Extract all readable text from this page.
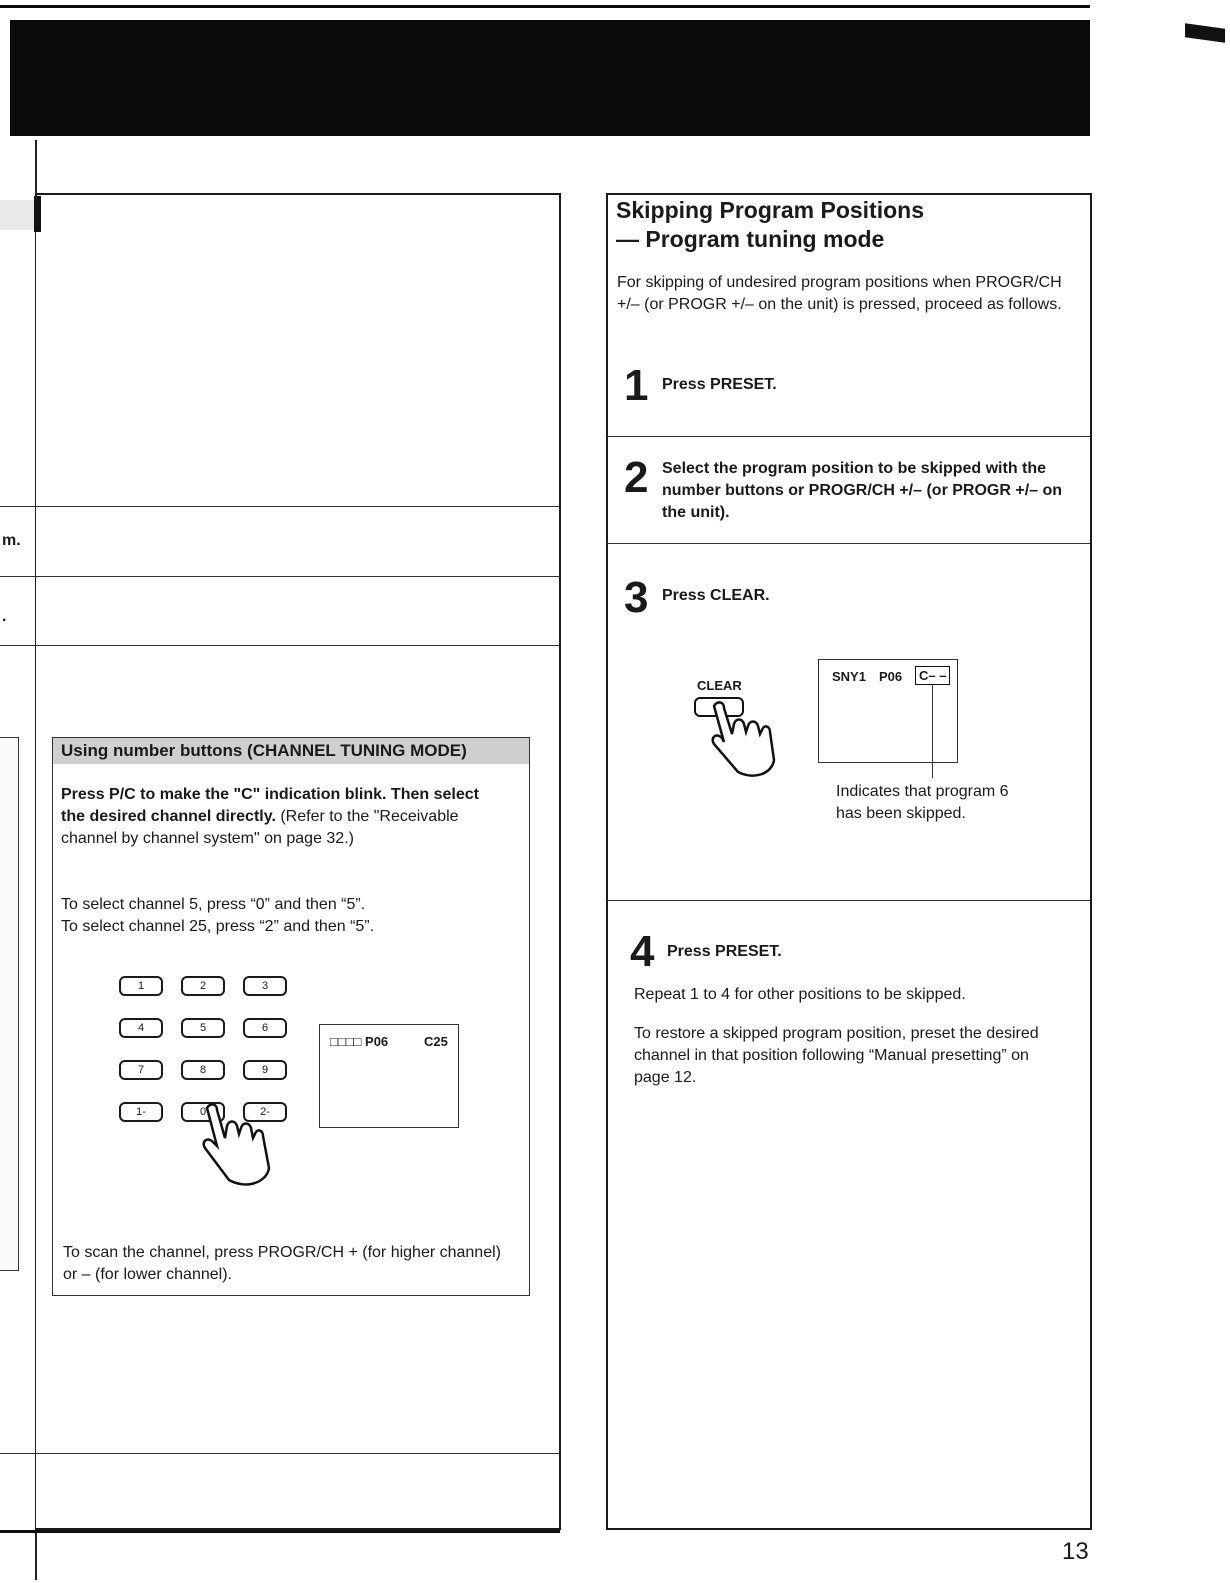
m.
.
Using number buttons (CHANNEL TUNING MODE)
Press P/C to make the "C" indication blink. Then select the desired channel directly. (Refer to the "Receivable channel by channel system" on page 32.)
To select channel 5, press “0” and then “5”.
To select channel 25, press “2” and then “5”.
1	2	3
4	5	6
7	8	9
1-	0	2-
□□□□ P06	C25
To scan the channel, press PROGR/CH + (for higher channel) or – (for lower channel).
Skipping Program Positions
— Program tuning mode
For skipping of undesired program positions when PROGR/CH +/– (or PROGR +/– on the unit) is pressed, proceed as follows.
1 Press PRESET.
2 Select the program position to be skipped with the number buttons or PROGR/CH +/– (or PROGR +/– on the unit).
3 Press CLEAR.
CLEAR
SNY1 P06	C– –
Indicates that program 6 has been skipped.
4 Press PRESET.
Repeat 1 to 4 for other positions to be skipped.
To restore a skipped program position, preset the desired channel in that position following “Manual presetting” on page 12.
13
